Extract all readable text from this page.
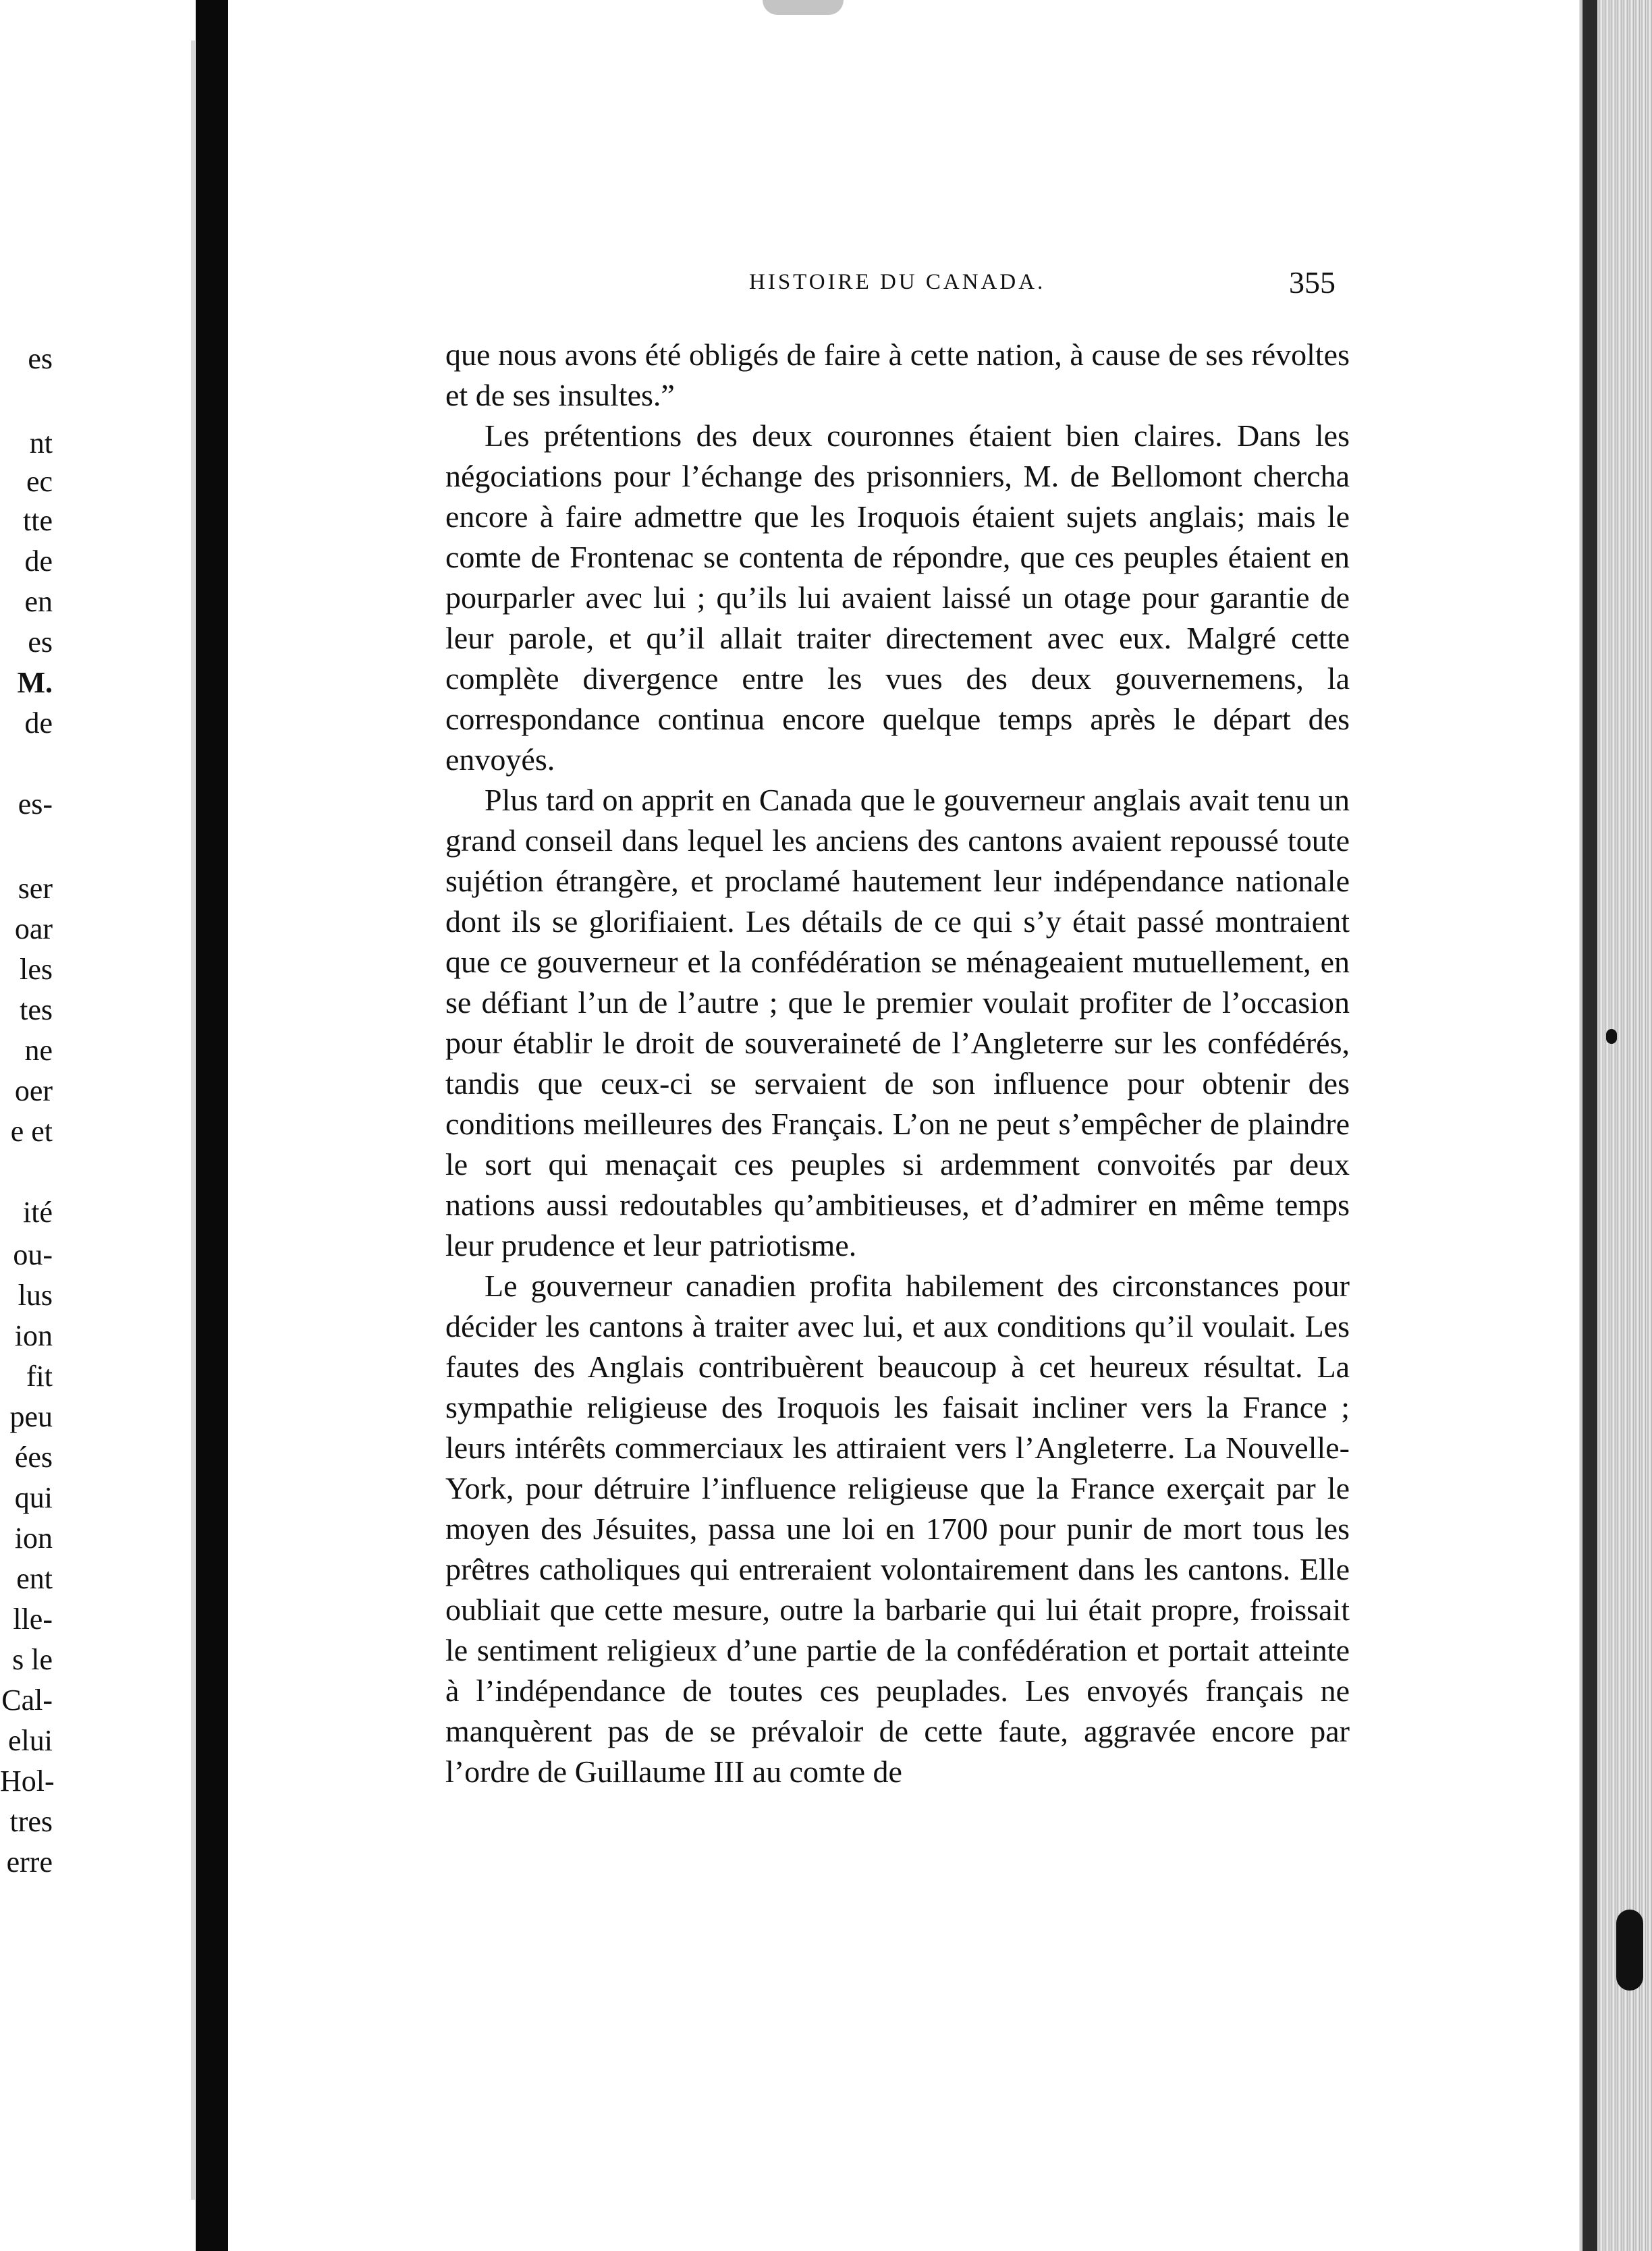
es
nt
ec
tte
de
en
es
M.
de
es-
ser
oar
les
tes
ne
oer
e et
ité
ou-
lus
ion
fit
peu
ées
qui
ion
ent
lle-
s le
Cal-
elui
Hol-
tres
erre
HISTOIRE DU CANADA.	355

que nous avons été obligés de faire à cette nation, à cause de ses révoltes et de ses insultes.”

Les prétentions des deux couronnes étaient bien claires. Dans les négociations pour l’échange des prisonniers, M. de Bellomont chercha encore à faire admettre que les Iroquois étaient sujets anglais; mais le comte de Frontenac se contenta de répondre, que ces peuples étaient en pourparler avec lui ; qu’ils lui avaient laissé un otage pour garantie de leur parole, et qu’il allait traiter directement avec eux. Malgré cette complète divergence entre les vues des deux gouvernemens, la correspondance continua encore quelque temps après le départ des envoyés.

Plus tard on apprit en Canada que le gouverneur anglais avait tenu un grand conseil dans lequel les anciens des cantons avaient repoussé toute sujétion étrangère, et proclamé hautement leur indépendance nationale dont ils se glorifiaient. Les détails de ce qui s’y était passé montraient que ce gouverneur et la confédération se ménageaient mutuellement, en se défiant l’un de l’autre ; que le premier voulait profiter de l’occasion pour établir le droit de souveraineté de l’Angleterre sur les confédérés, tandis que ceux-ci se servaient de son influence pour obtenir des conditions meilleures des Français. L’on ne peut s’empêcher de plaindre le sort qui menaçait ces peuples si ardemment convoités par deux nations aussi redoutables qu’ambitieuses, et d’admirer en même temps leur prudence et leur patriotisme.

Le gouverneur canadien profita habilement des circonstances pour décider les cantons à traiter avec lui, et aux conditions qu’il voulait. Les fautes des Anglais contribuèrent beaucoup à cet heureux résultat. La sympathie religieuse des Iroquois les faisait incliner vers la France ; leurs intérêts commerciaux les attiraient vers l’Angleterre. La Nouvelle-York, pour détruire l’influence religieuse que la France exerçait par le moyen des Jésuites, passa une loi en 1700 pour punir de mort tous les prêtres catholiques qui entreraient volontairement dans les cantons. Elle oubliait que cette mesure, outre la barbarie qui lui était propre, froissait le sentiment religieux d’une partie de la confédération et portait atteinte à l’indépendance de toutes ces peuplades. Les envoyés français ne manquèrent pas de se prévaloir de cette faute, aggravée encore par l’ordre de Guillaume III au comte de
